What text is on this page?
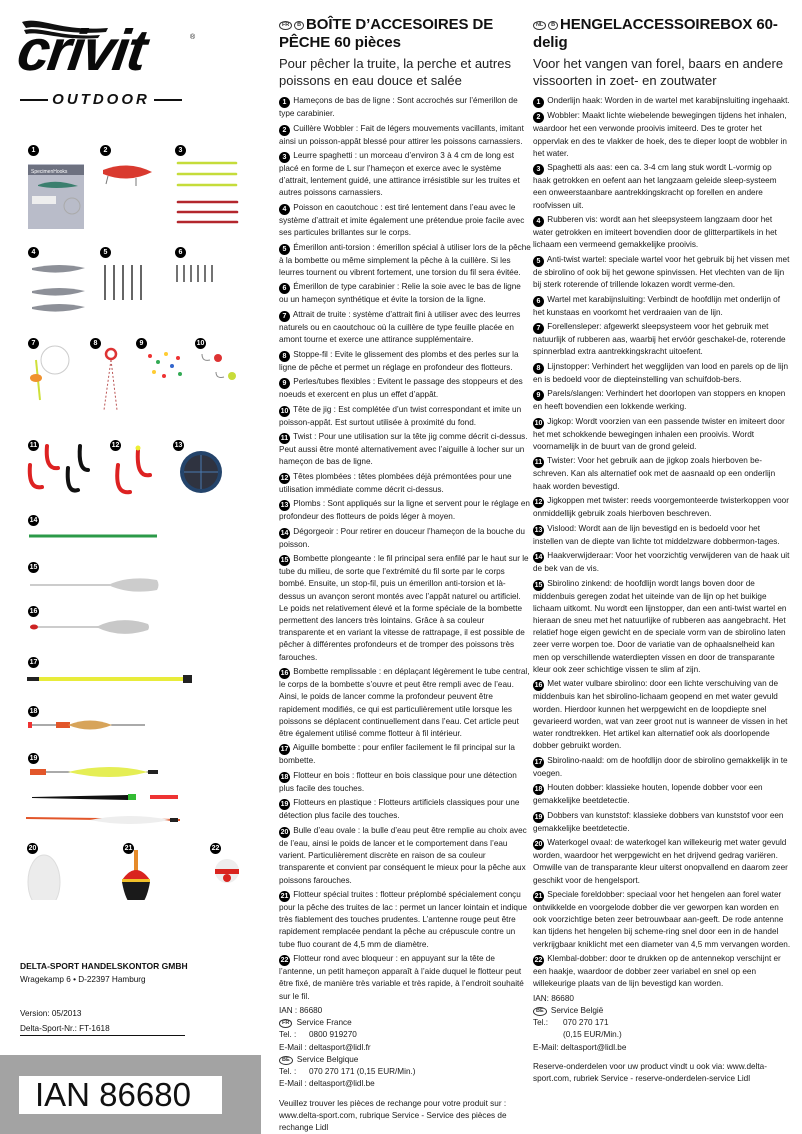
crivit	®
OUTDOOR
1	2	3
4	5	6
7	8	9	10
11	12	13
14
15
16
17
18
19
20	21	22
SpecimenHooks
DELTA-SPORT HANDELSKONTOR GMBH
Wragekamp 6 • D-22397 Hamburg
Version: 05/2013
Delta-Sport-Nr.: FT-1618
IAN 86680
FR B BOÎTE D’ACCESOIRES DE PÊCHE 60 pièces
Pour pêcher la truite, la perche et autres poissons en eau douce et salée
1 Hameçons de bas de ligne : Sont accrochés sur l’émerillon de type carabinier.
2 Cuillère Wobbler : Fait de légers mouvements vacillants, imitant ainsi un poisson-appât blessé pour attirer les poissons carnassiers.
3 Leurre spaghetti : un morceau d’environ 3 à 4 cm de long est placé en forme de L sur l’hameçon et exerce avec le système d’attrait, lentement guidé, une attirance irrésistible sur les truites et autres poissons carnassiers.
4 Poisson en caoutchouc : est tiré lentement dans l’eau avec le système d’attrait et imite également une prétendue proie facile avec ses particules brillantes sur le corps.
5 Émerillon anti-torsion : émerillon spécial à utiliser lors de la pêche à la bombette ou même simplement la pêche à la cuillère. Si les leurres tournent ou vibrent fortement, une torsion du fil sera évitée.
6 Émerillon de type carabinier : Relie la soie avec le bas de ligne ou un hameçon synthétique et évite la torsion de la ligne.
7 Attrait de truite : système d’attrait fini à utiliser avec des leurres naturels ou en caoutchouc où la cuillère de type feuille placée en amont tourne et exerce une attirance supplémentaire.
8 Stoppe-fil : Evite le glissement des plombs et des perles sur la ligne de pêche et permet un réglage en profondeur des flotteurs.
9 Perles/tubes flexibles : Evitent le passage des stoppeurs et des noeuds et exercent en plus un effet d’appât.
10 Tête de jig : Est complétée d’un twist correspondant et imite un poisson-appât. Est surtout utilisée à proximité du fond.
11 Twist : Pour une utilisation sur la tête jig comme décrit ci-dessus. Peut aussi être monté alternativement avec l’aiguille à locher sur un hameçon de bas de ligne.
12 Têtes plombées : têtes plombées déjà prémontées pour une utilisation immédiate comme décrit ci-dessus.
13 Plombs : Sont appliqués sur la ligne et servent pour le réglage en profondeur des flotteurs de poids léger à moyen.
14 Dégorgeoir : Pour retirer en douceur l’hameçon de la bouche du poisson.
15 Bombette plongeante : le fil principal sera enfilé par le haut sur le tube du milieu, de sorte que l’extrémité du fil sorte par le corps bombé. Ensuite, un stop-fil, puis un émerillon anti-torsion et là-dessus un avançon seront montés avec l’appât naturel ou artificiel. Le poids net relativement élevé et la forme spéciale de la bombette permettent des lancers très lointains. Grâce à sa couleur transparente et en variant la vitesse de rattrapage, il est possible de pêcher à différentes profondeurs et de tromper des poissons très farouches.
16 Bombette remplissable : en déplaçant légèrement le tube central, le corps de la bombette s’ouvre et peut être rempli avec de l’eau. Ainsi, le poids de lancer comme la profondeur peuvent être rapidement modifiés, ce qui est particulièrement utile lorsque les poissons se déplacent continuellement dans l’eau. Cet article peut être également utilisé comme flotteur à fil intérieur.
17 Aiguille bombette : pour enfiler facilement le fil principal sur la bombette.
18 Flotteur en bois : flotteur en bois classique pour une détection plus facile des touches.
19 Flotteurs en plastique : Flotteurs artificiels classiques pour une détection plus facile des touches.
20 Bulle d’eau ovale : la bulle d’eau peut être remplie au choix avec de l’eau, ainsi le poids de lancer et le comportement dans l’eau varient. Particulièrement discrète en raison de sa couleur transparente et convient par conséquent le mieux pour la pêche aux poissons farouches.
21 Flotteur spécial truites : flotteur préplombé spécialement conçu pour la pêche des truites de lac : permet un lancer lointain et indique très fiablement des touches prudentes. L’antenne rouge peut être rapidement remplacée pendant la pêche au crépuscule contre un tube fluo courant de 4,5 mm de diamètre.
22 Flotteur rond avec bloqueur : en appuyant sur la tête de l’antenne, un petit hameçon apparaît à l’aide duquel le flotteur peut être fixé, de manière très variable et très rapide, à l’endroit souhaité sur le fil.
IAN : 86680
FR Service France
Tel. : 0800 919270
E-Mail : deltasport@lidl.fr
BE Service Belgique
Tel. : 070 270 171 (0,15 EUR/Min.)
E-Mail : deltasport@lidl.be
Veuillez trouver les pièces de rechange pour votre produit sur : www.delta-sport.com, rubrique Service - Service des pièces de rechange Lidl
NL B HENGELACCESSOIREBOX 60-delig
Voor het vangen van forel, baars en andere vissoorten in zoet- en zoutwater
1 Onderlijn haak: Worden in de wartel met karabijnsluiting ingehaakt.
2 Wobbler: Maakt lichte wiebelende bewegingen tijdens het inhalen, waardoor het een verwonde prooivis imiteerd. Des te groter het oppervlak en des te vlakker de hoek, des te dieper loopt de wobbler in het water.
3 Spaghetti als aas: een ca. 3-4 cm lang stuk wordt L-vormig op haak getrokken en oefent aan het langzaam geleide sleep-systeem een onweerstaanbare aantrekkingskracht op forellen en andere roofvissen uit.
4 Rubberen vis: wordt aan het sleepsysteem langzaam door het water getrokken en imiteert bovendien door de glitterpartikels in het lichaam een vermeend gemakkelijke prooivis.
5 Anti-twist wartel: speciale wartel voor het gebruik bij het vissen met de sbirolino of ook bij het gewone spinvissen. Het vlechten van de lijn bij sterk roterende of trillende lokazen wordt verme-den.
6 Wartel met karabijnsluiting: Verbindt de hoofdlijn met onderlijn of het kunstaas en voorkomt het verdraaien van de lijn.
7 Forellensleper: afgewerkt sleepsysteem voor het gebruik met natuurlijk of rubberen aas, waarbij het ervóór geschakel-de, roterende spinnerblad extra aantrekkingskracht uitoefent.
8 Lijnstopper: Verhindert het wegglijden van lood en parels op de lijn en is bedoeld voor de diepteinstelling van schuifdob-bers.
9 Parels/slangen: Verhindert het doorlopen van stoppers en knopen en heeft bovendien een lokkende werking.
10 Jigkop: Wordt voorzien van een passende twister en imiteert door het met schokkende bewegingen inhalen een prooivis. Wordt voornamelijk in de buurt van de grond geleid.
11 Twister: Voor het gebruik aan de jigkop zoals hierboven be-schreven. Kan als alternatief ook met de aasnaald op een onderlijn haak worden bevestigd.
12 Jigkoppen met twister: reeds voorgemonteerde twisterkoppen voor onmiddellijk gebruik zoals hierboven beschreven.
13 Vislood: Wordt aan de lijn bevestigd en is bedoeld voor het instellen van de diepte van lichte tot middelzware dobbermon-tages.
14 Haakverwijderaar: Voor het voorzichtig verwijderen van de haak uit de bek van de vis.
15 Sbirolino zinkend: de hoofdlijn wordt langs boven door de middenbuis geregen zodat het uiteinde van de lijn op het buikige lichaam uitkomt. Nu wordt een lijnstopper, dan een anti-twist wartel en hieraan de sneu met het natuurlijke of rubberen aas aangebracht. Het relatief hoge eigen gewicht en de speciale vorm van de sbirolino laten zeer verre worpen toe. Door de variatie van de ophaalsnelheid kan men op verschillende waterdiepten vissen en door de transparante kleur ook zeer schichtige vissen te slim af zijn.
16 Met water vulbare sbirolino: door een lichte verschuiving van de middenbuis kan het sbirolino-lichaam geopend en met water gevuld worden. Hierdoor kunnen het werpgewicht en de loopdiepte snel gevarieerd worden, wat van zeer groot nut is wanneer de vissen in het water rondtrekken. Het artikel kan alternatief ook als doorlopende dobber gebruikt worden.
17 Sbirolino-naald: om de hoofdlijn door de sbirolino gemakkelijk in te voegen.
18 Houten dobber: klassieke houten, lopende dobber voor een gemakkelijke beetdetectie.
19 Dobbers van kunststof: klassieke dobbers van kunststof voor een gemakkelijke beetdetectie.
20 Waterkogel ovaal: de waterkogel kan willekeurig met water gevuld worden, waardoor het werpgewicht en het drijvend gedrag variëren. Omwille van de transparante kleur uiterst onopvallend en daarom zeer geschikt voor de hengelsport.
21 Speciale foreldobber: speciaal voor het hengelen aan forel water ontwikkelde en voorgelode dobber die ver geworpen kan worden en ook voorzichtige beten zeer betrouwbaar aan-geeft. De rode antenne kan tijdens het hengelen bij scheme-ring snel door een in de handel verkrijgbaar kniklicht met een diameter van 4,5 mm vervangen worden.
22 Klembal-dobber: door te drukken op de antennekop verschijnt er een haakje, waardoor de dobber zeer variabel en snel op een willekeurige plaats van de lijn bevestigd kan worden.
IAN: 86680
BE Service België
Tel.: 070 270 171
(0,15 EUR/Min.)
E-Mail: deltasport@lidl.be
Reserve-onderdelen voor uw product vindt u ook via: www.delta-sport.com, rubriek Service - reserve-onderdelen-service Lidl
